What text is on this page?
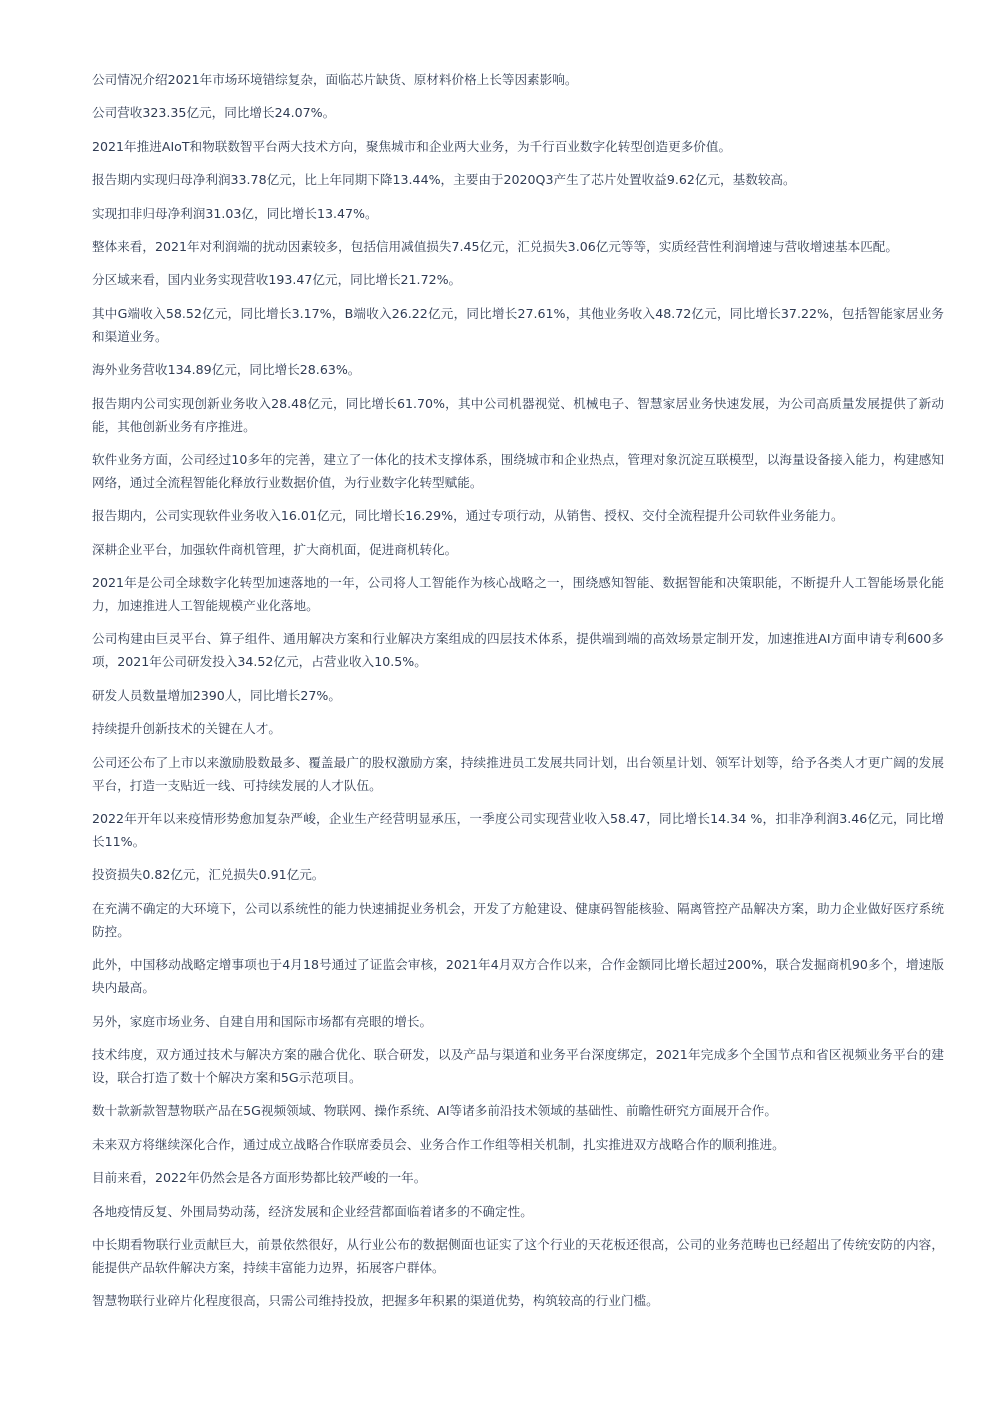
公司情况介绍2021年市场环境错综复杂，面临芯片缺货、原材料价格上长等因素影响。

公司营收323.35亿元，同比增长24.07%。

2021年推进AIoT和物联数智平台两大技术方向，聚焦城市和企业两大业务，为千行百业数字化转型创造更多价值。

报告期内实现归母净利润33.78亿元，比上年同期下降13.44%，主要由于2020Q3产生了芯片处置收益9.62亿元，基数较高。

实现扣非归母净利润31.03亿，同比增长13.47%。

整体来看，2021年对利润端的扰动因素较多，包括信用减值损失7.45亿元，汇兑损失3.06亿元等等，实质经营性利润增速与营收增速基本匹配。

分区域来看，国内业务实现营收193.47亿元，同比增长21.72%。

其中G端收入58.52亿元，同比增长3.17%，B端收入26.22亿元，同比增长27.61%，其他业务收入48.72亿元，同比增长37.22%，包括智能家居业务和渠道业务。

海外业务营收134.89亿元，同比增长28.63%。

报告期内公司实现创新业务收入28.48亿元，同比增长61.70%，其中公司机器视觉、机械电子、智慧家居业务快速发展，为公司高质量发展提供了新动能，其他创新业务有序推进。

软件业务方面，公司经过10多年的完善，建立了一体化的技术支撑体系，围绕城市和企业热点，管理对象沉淀互联模型，以海量设备接入能力，构建感知网络，通过全流程智能化释放行业数据价值，为行业数字化转型赋能。

报告期内，公司实现软件业务收入16.01亿元，同比增长16.29%，通过专项行动，从销售、授权、交付全流程提升公司软件业务能力。

深耕企业平台，加强软件商机管理，扩大商机面，促进商机转化。

2021年是公司全球数字化转型加速落地的一年，公司将人工智能作为核心战略之一，围绕感知智能、数据智能和决策职能，不断提升人工智能场景化能力，加速推进人工智能规模产业化落地。

公司构建由巨灵平台、算子组件、通用解决方案和行业解决方案组成的四层技术体系，提供端到端的高效场景定制开发，加速推进AI方面申请专利600多项，2021年公司研发投入34.52亿元，占营业收入10.5%。

研发人员数量增加2390人，同比增长27%。

持续提升创新技术的关键在人才。

公司还公布了上市以来激励股数最多、覆盖最广的股权激励方案，持续推进员工发展共同计划，出台领星计划、领军计划等，给予各类人才更广阔的发展平台，打造一支贴近一线、可持续发展的人才队伍。

2022年开年以来疫情形势愈加复杂严峻，企业生产经营明显承压，一季度公司实现营业收入58.47，同比增长14.34 %，扣非净利润3.46亿元，同比增长11%。

投资损失0.82亿元，汇兑损失0.91亿元。

在充满不确定的大环境下，公司以系统性的能力快速捕捉业务机会，开发了方舱建设、健康码智能核验、隔离管控产品解决方案，助力企业做好医疗系统防控。

此外，中国移动战略定增事项也于4月18号通过了证监会审核，2021年4月双方合作以来，合作金额同比增长超过200%，联合发掘商机90多个，增速版块内最高。

另外，家庭市场业务、自建自用和国际市场都有亮眼的增长。

技术纬度，双方通过技术与解决方案的融合优化、联合研发，以及产品与渠道和业务平台深度绑定，2021年完成多个全国节点和省区视频业务平台的建设，联合打造了数十个解决方案和5G示范项目。

数十款新款智慧物联产品在5G视频领域、物联网、操作系统、AI等诸多前沿技术领域的基础性、前瞻性研究方面展开合作。

未来双方将继续深化合作，通过成立战略合作联席委员会、业务合作工作组等相关机制，扎实推进双方战略合作的顺利推进。

目前来看，2022年仍然会是各方面形势都比较严峻的一年。

各地疫情反复、外围局势动荡，经济发展和企业经营都面临着诸多的不确定性。

中长期看物联行业贡献巨大，前景依然很好，从行业公布的数据侧面也证实了这个行业的天花板还很高，公司的业务范畴也已经超出了传统安防的内容，能提供产品软件解决方案，持续丰富能力边界，拓展客户群体。

智慧物联行业碎片化程度很高，只需公司维持投放，把握多年积累的渠道优势，构筑较高的行业门槛。
